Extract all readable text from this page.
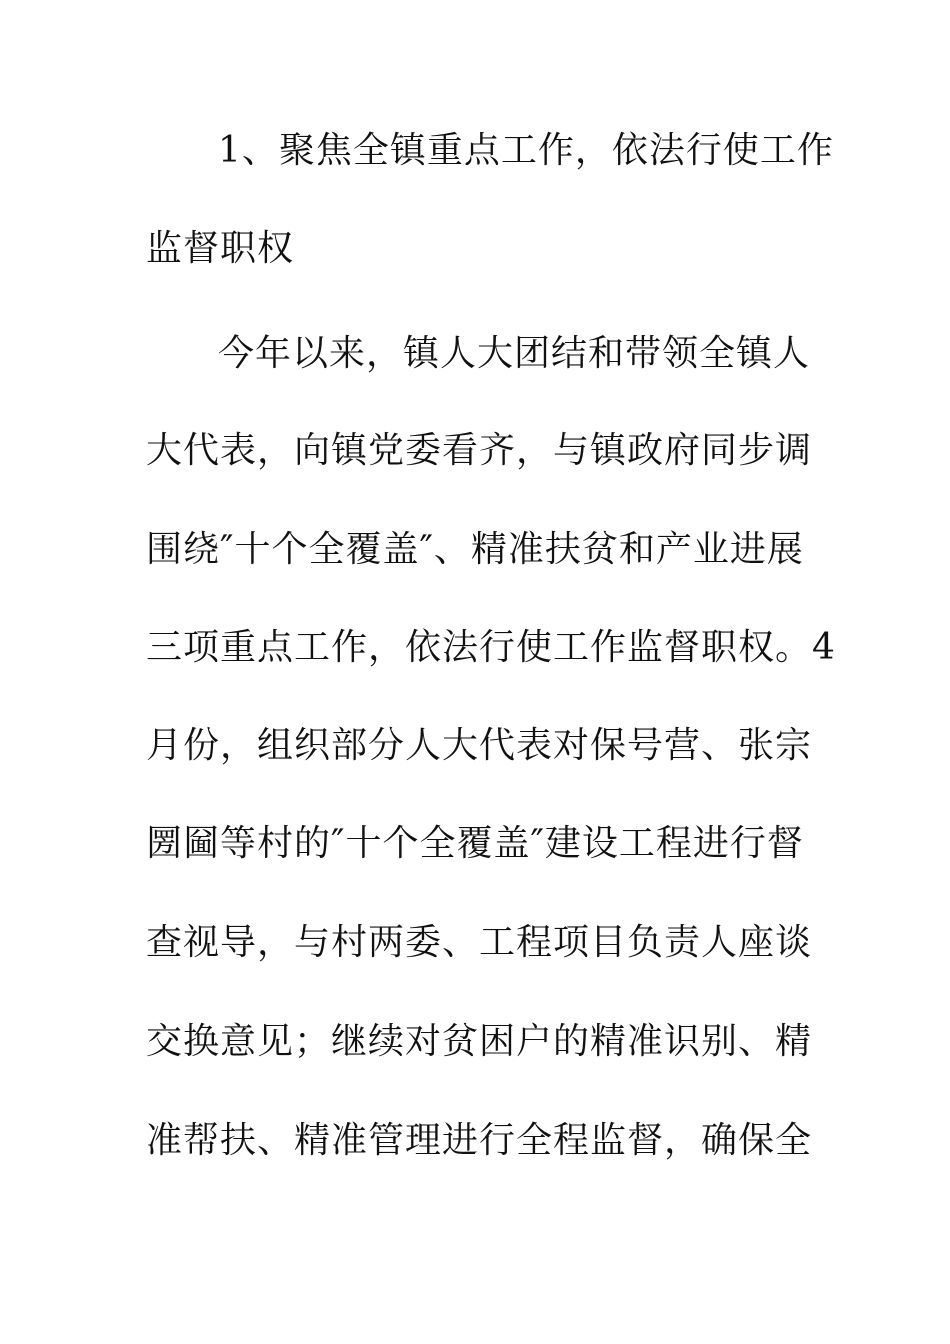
1、聚焦全镇重点工作，依法行使工作
监督职权
今年以来，镇人大团结和带领全镇人
大代表，向镇党委看齐，与镇政府同步调
围绕″十个全覆盖″、精准扶贫和产业进展
三项重点工作，依法行使工作监督职权。4
月份，组织部分人大代表对保号营、张宗
圐圙等村的″十个全覆盖″建设工程进行督
查视导，与村两委、工程项目负责人座谈
交换意见；继续对贫困户的精准识别、精
准帮扶、精准管理进行全程监督，确保全
